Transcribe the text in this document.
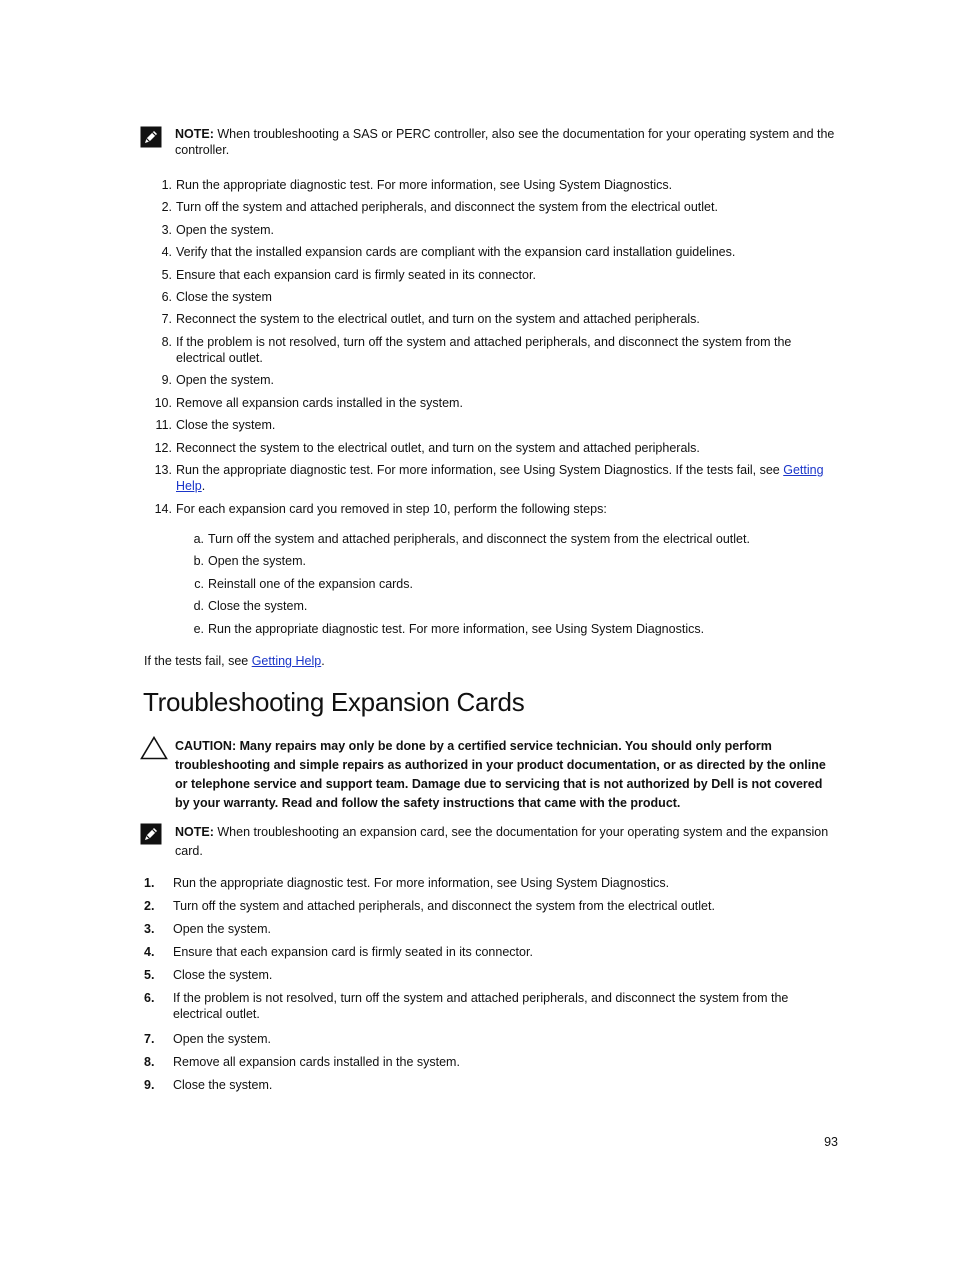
NOTE: When troubleshooting a SAS or PERC controller, also see the documentation for your operating system and the controller.
1. Run the appropriate diagnostic test. For more information, see Using System Diagnostics.
2. Turn off the system and attached peripherals, and disconnect the system from the electrical outlet.
3. Open the system.
4. Verify that the installed expansion cards are compliant with the expansion card installation guidelines.
5. Ensure that each expansion card is firmly seated in its connector.
6. Close the system
7. Reconnect the system to the electrical outlet, and turn on the system and attached peripherals.
8. If the problem is not resolved, turn off the system and attached peripherals, and disconnect the system from the electrical outlet.
9. Open the system.
10. Remove all expansion cards installed in the system.
11. Close the system.
12. Reconnect the system to the electrical outlet, and turn on the system and attached peripherals.
13. Run the appropriate diagnostic test. For more information, see Using System Diagnostics. If the tests fail, see Getting Help.
14. For each expansion card you removed in step 10, perform the following steps:
a. Turn off the system and attached peripherals, and disconnect the system from the electrical outlet.
b. Open the system.
c. Reinstall one of the expansion cards.
d. Close the system.
e. Run the appropriate diagnostic test. For more information, see Using System Diagnostics.
If the tests fail, see Getting Help.
Troubleshooting Expansion Cards
CAUTION: Many repairs may only be done by a certified service technician. You should only perform troubleshooting and simple repairs as authorized in your product documentation, or as directed by the online or telephone service and support team. Damage due to servicing that is not authorized by Dell is not covered by your warranty. Read and follow the safety instructions that came with the product.
NOTE: When troubleshooting an expansion card, see the documentation for your operating system and the expansion card.
1.	Run the appropriate diagnostic test. For more information, see Using System Diagnostics.
2.	Turn off the system and attached peripherals, and disconnect the system from the electrical outlet.
3.	Open the system.
4.	Ensure that each expansion card is firmly seated in its connector.
5.	Close the system.
6.	If the problem is not resolved, turn off the system and attached peripherals, and disconnect the system from the electrical outlet.
7.	Open the system.
8.	Remove all expansion cards installed in the system.
9.	Close the system.
93
